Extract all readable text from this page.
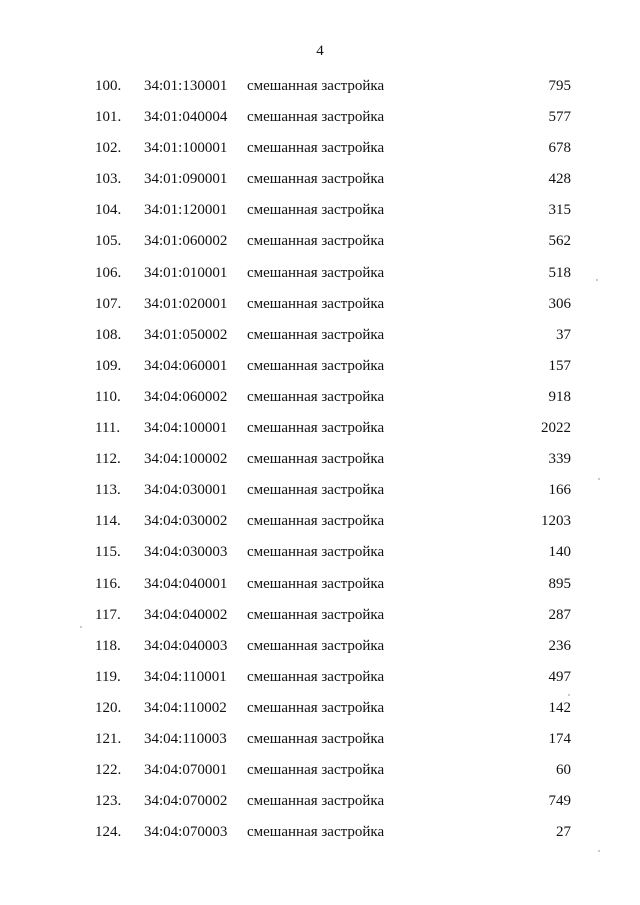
4
100. 34:01:130001 смешанная застройка	795
101. 34:01:040004 смешанная застройка	577
102. 34:01:100001 смешанная застройка	678
103. 34:01:090001 смешанная застройка	428
104. 34:01:120001 смешанная застройка	315
105. 34:01:060002 смешанная застройка	562
106. 34:01:010001 смешанная застройка	518
107. 34:01:020001 смешанная застройка	306
108. 34:01:050002 смешанная застройка	37
109. 34:04:060001 смешанная застройка	157
110. 34:04:060002 смешанная застройка	918
111. 34:04:100001 смешанная застройка	2022
112. 34:04:100002 смешанная застройка	339
113. 34:04:030001 смешанная застройка	166
114. 34:04:030002 смешанная застройка	1203
115. 34:04:030003 смешанная застройка	140
116. 34:04:040001 смешанная застройка	895
117. 34:04:040002 смешанная застройка	287
118. 34:04:040003 смешанная застройка	236
119. 34:04:110001 смешанная застройка	497
120. 34:04:110002 смешанная застройка	142
121. 34:04:110003 смешанная застройка	174
122. 34:04:070001 смешанная застройка	60
123. 34:04:070002 смешанная застройка	749
124. 34:04:070003 смешанная застройка	27
